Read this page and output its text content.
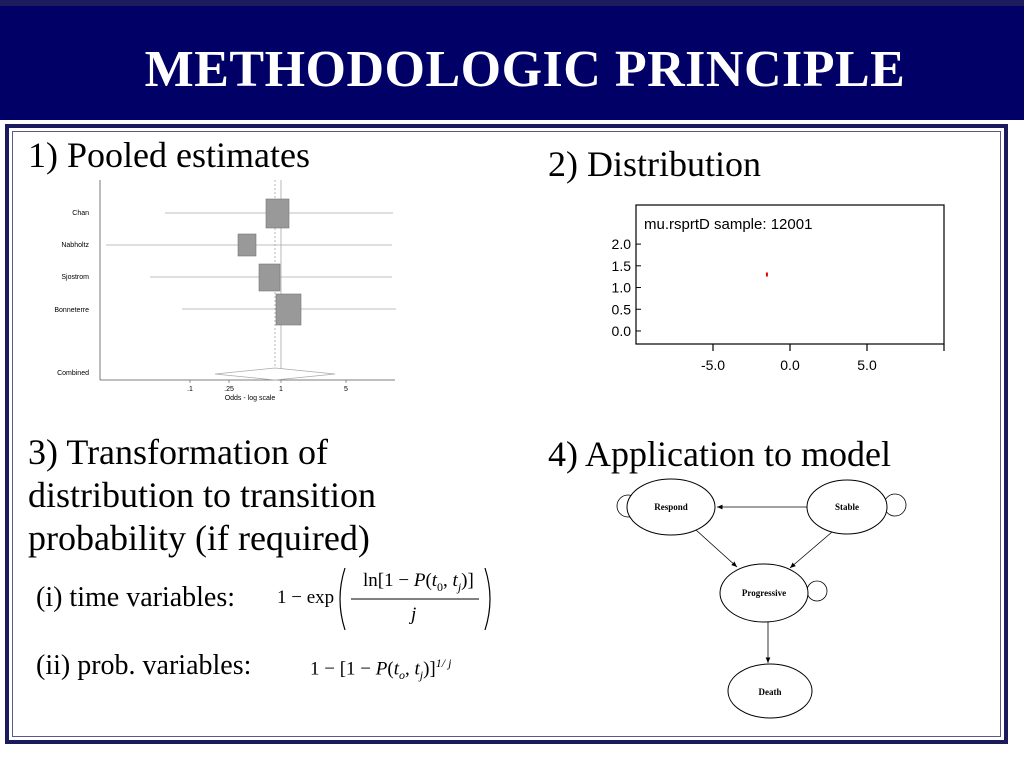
METHODOLOGIC PRINCIPLE
1) Pooled estimates
Chan
Nabholtz
Sjostrom
Bonneterre
Combined
.1	.25	1	5
Odds - log scale
2) Distribution
mu.rsprtD sample: 12001
0.0
0.5
1.0
1.5
2.0
-5.0	0.0	5.0
3) Transformation of
distribution to transition
probability (if required)
(i) time variables:
(ii) prob. variables:
1 − exp
$\ln[1 - P(t_0$, $t_j$)]
j
$1 - [1 - P(t_o$, $t_j)]^{1/ j}$
4) Application to model
Respond	Stable
Progressive
Death
